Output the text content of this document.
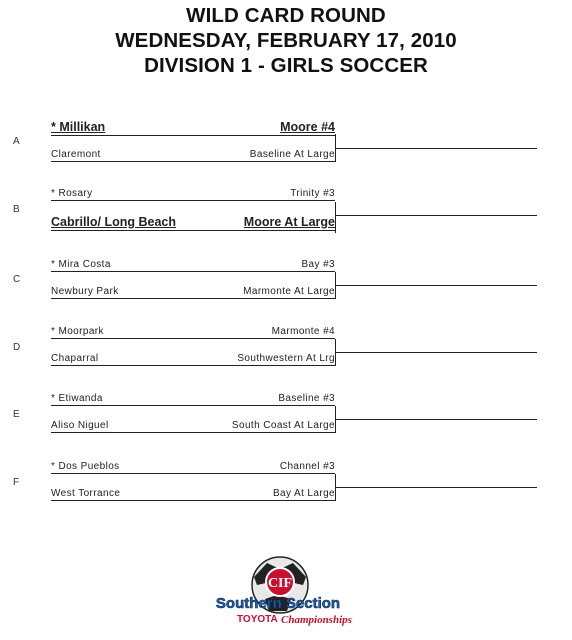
WILD CARD ROUND
WEDNESDAY, FEBRUARY 17, 2010
DIVISION 1 - GIRLS SOCCER
A
* Millikan	Moore #4
Claremont	Baseline At Large
B
* Rosary	Trinity #3
Cabrillo/ Long Beach	Moore At Large
C
* Mira Costa	Bay #3
Newbury Park	Marmonte At Large
D
* Moorpark	Marmonte #4
Chaparral	Southwestern At Lrg
E
* Etiwanda	Baseline #3
Aliso Niguel	South Coast At Large
F
* Dos Pueblos	Channel #3
West Torrance	Bay At Large
CIF
Southern Section
TOYOTA Championships
